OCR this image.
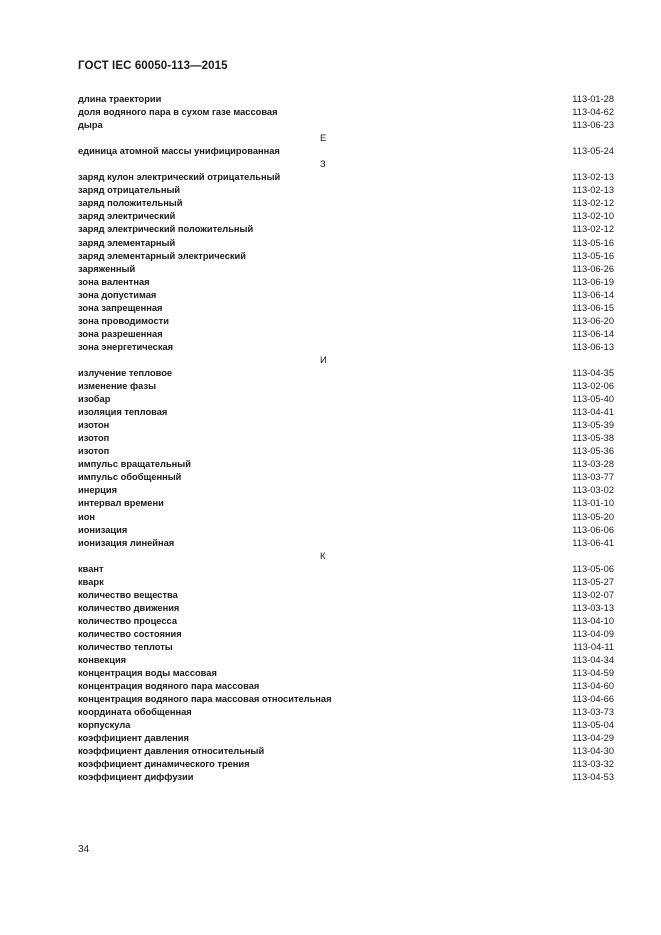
ГОСТ IEC 60050-113—2015
длина траектории	113-01-28
доля водяного пара в сухом газе массовая	113-04-62
дыра	113-06-23
Е
единица атомной массы унифицированная	113-05-24
З
заряд кулон электрический отрицательный	113-02-13
заряд отрицательный	113-02-13
заряд положительный	113-02-12
заряд электрический	113-02-10
заряд электрический положительный	113-02-12
заряд элементарный	113-05-16
заряд элементарный электрический	113-05-16
заряженный	113-06-26
зона валентная	113-06-19
зона допустимая	113-06-14
зона запрещенная	113-06-15
зона проводимости	113-06-20
зона разрешенная	113-06-14
зона энергетическая	113-06-13
И
излучение тепловое	113-04-35
изменение фазы	113-02-06
изобар	113-05-40
изоляция тепловая	113-04-41
изотон	113-05-39
изотоп	113-05-38
изотоп	113-05-36
импульс вращательный	113-03-28
импульс обобщенный	113-03-77
инерция	113-03-02
интервал времени	113-01-10
ион	113-05-20
ионизация	113-06-06
ионизация линейная	113-06-41
К
квант	113-05-06
кварк	113-05-27
количество вещества	113-02-07
количество движения	113-03-13
количество процесса	113-04-10
количество состояния	113-04-09
количество теплоты	113-04-11
конвекция	113-04-34
концентрация воды массовая	113-04-59
концентрация водяного пара массовая	113-04-60
концентрация водяного пара массовая относительная	113-04-66
координата обобщенная	113-03-73
корпускула	113-05-04
коэффициент давления	113-04-29
коэффициент давления относительный	113-04-30
коэффициент динамического трения	113-03-32
коэффициент диффузии	113-04-53
34
